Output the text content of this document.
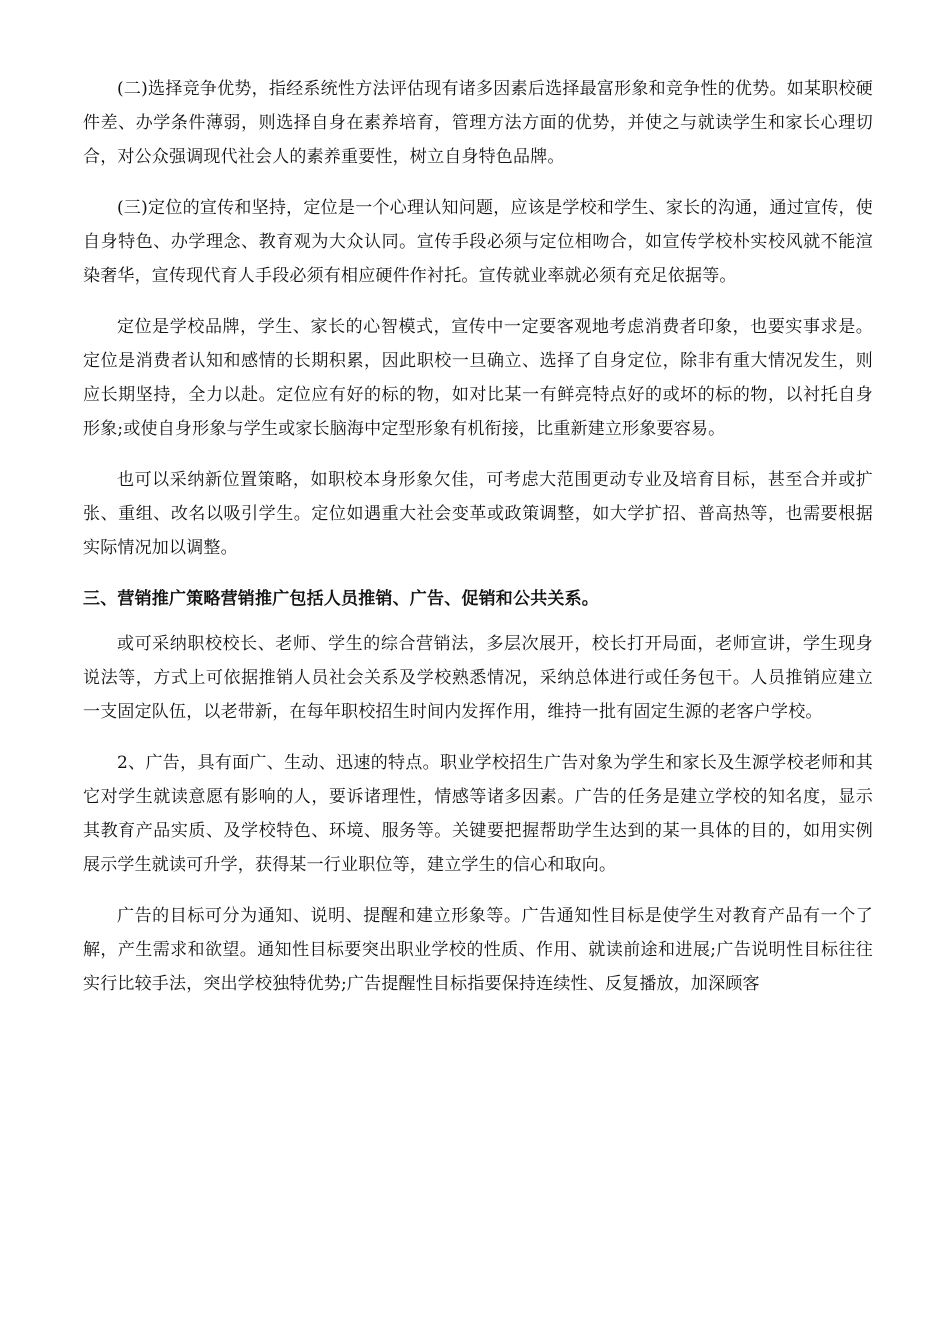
(二)选择竞争优势，指经系统性方法评估现有诸多因素后选择最富形象和竞争性的优势。如某职校硬件差、办学条件薄弱，则选择自身在素养培育，管理方法方面的优势，并使之与就读学生和家长心理切合，对公众强调现代社会人的素养重要性，树立自身特色品牌。

(三)定位的宣传和坚持，定位是一个心理认知问题，应该是学校和学生、家长的沟通，通过宣传，使自身特色、办学理念、教育观为大众认同。宣传手段必须与定位相吻合，如宣传学校朴实校风就不能渲染奢华，宣传现代育人手段必须有相应硬件作衬托。宣传就业率就必须有充足依据等。

定位是学校品牌，学生、家长的心智模式，宣传中一定要客观地考虑消费者印象，也要实事求是。定位是消费者认知和感情的长期积累，因此职校一旦确立、选择了自身定位，除非有重大情况发生，则应长期坚持，全力以赴。定位应有好的标的物，如对比某一有鲜亮特点好的或坏的标的物，以衬托自身形象;或使自身形象与学生或家长脑海中定型形象有机衔接，比重新建立形象要容易。

也可以采纳新位置策略，如职校本身形象欠佳，可考虑大范围更动专业及培育目标，甚至合并或扩张、重组、改名以吸引学生。定位如遇重大社会变革或政策调整，如大学扩招、普高热等，也需要根据实际情况加以调整。

三、营销推广策略营销推广包括人员推销、广告、促销和公共关系。

或可采纳职校校长、老师、学生的综合营销法，多层次展开，校长打开局面，老师宣讲，学生现身说法等，方式上可依据推销人员社会关系及学校熟悉情况，采纳总体进行或任务包干。人员推销应建立一支固定队伍，以老带新，在每年职校招生时间内发挥作用，维持一批有固定生源的老客户学校。

2、广告，具有面广、生动、迅速的特点。职业学校招生广告对象为学生和家长及生源学校老师和其它对学生就读意愿有影响的人，要诉诸理性，情感等诸多因素。广告的任务是建立学校的知名度，显示其教育产品实质、及学校特色、环境、服务等。关键要把握帮助学生达到的某一具体的目的，如用实例展示学生就读可升学，获得某一行业职位等，建立学生的信心和取向。

广告的目标可分为通知、说明、提醒和建立形象等。广告通知性目标是使学生对教育产品有一个了解，产生需求和欲望。通知性目标要突出职业学校的性质、作用、就读前途和进展;广告说明性目标往往实行比较手法，突出学校独特优势;广告提醒性目标指要保持连续性、反复播放，加深顾客
